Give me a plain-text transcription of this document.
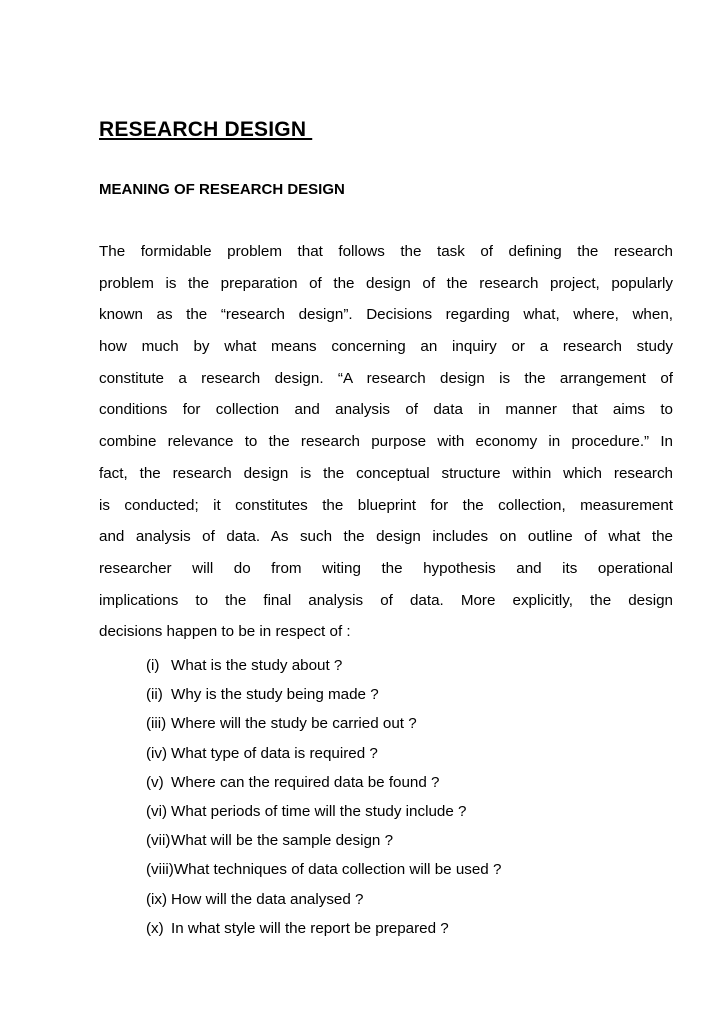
RESEARCH DESIGN
MEANING OF RESEARCH DESIGN
The formidable problem that follows the task of defining the research
problem is the preparation of the design of the research project, popularly
known as the “research design”. Decisions regarding what, where, when,
how much by what means concerning an inquiry or a research study
constitute a research design. “A research design is the arrangement of
conditions for collection and analysis of data in manner that aims to
combine relevance to the research purpose with economy in procedure.” In
fact, the research design is the conceptual structure within which research
is conducted; it constitutes the blueprint for the collection, measurement
and analysis of data. As such the design includes on outline of what the
researcher will do from witing the hypothesis and its operational
implications to the final analysis of data. More explicitly, the design
decisions happen to be in respect of :
(i) What is the study about ?
(ii) Why is the study being made ?
(iii) Where will the study be carried out ?
(iv) What type of data is required ?
(v) Where can the required data be found ?
(vi) What periods of time will the study include ?
(vii) What will be the sample design ?
(viii) What techniques of data collection will be used ?
(ix) How will the data analysed ?
(x) In what style will the report be prepared ?
